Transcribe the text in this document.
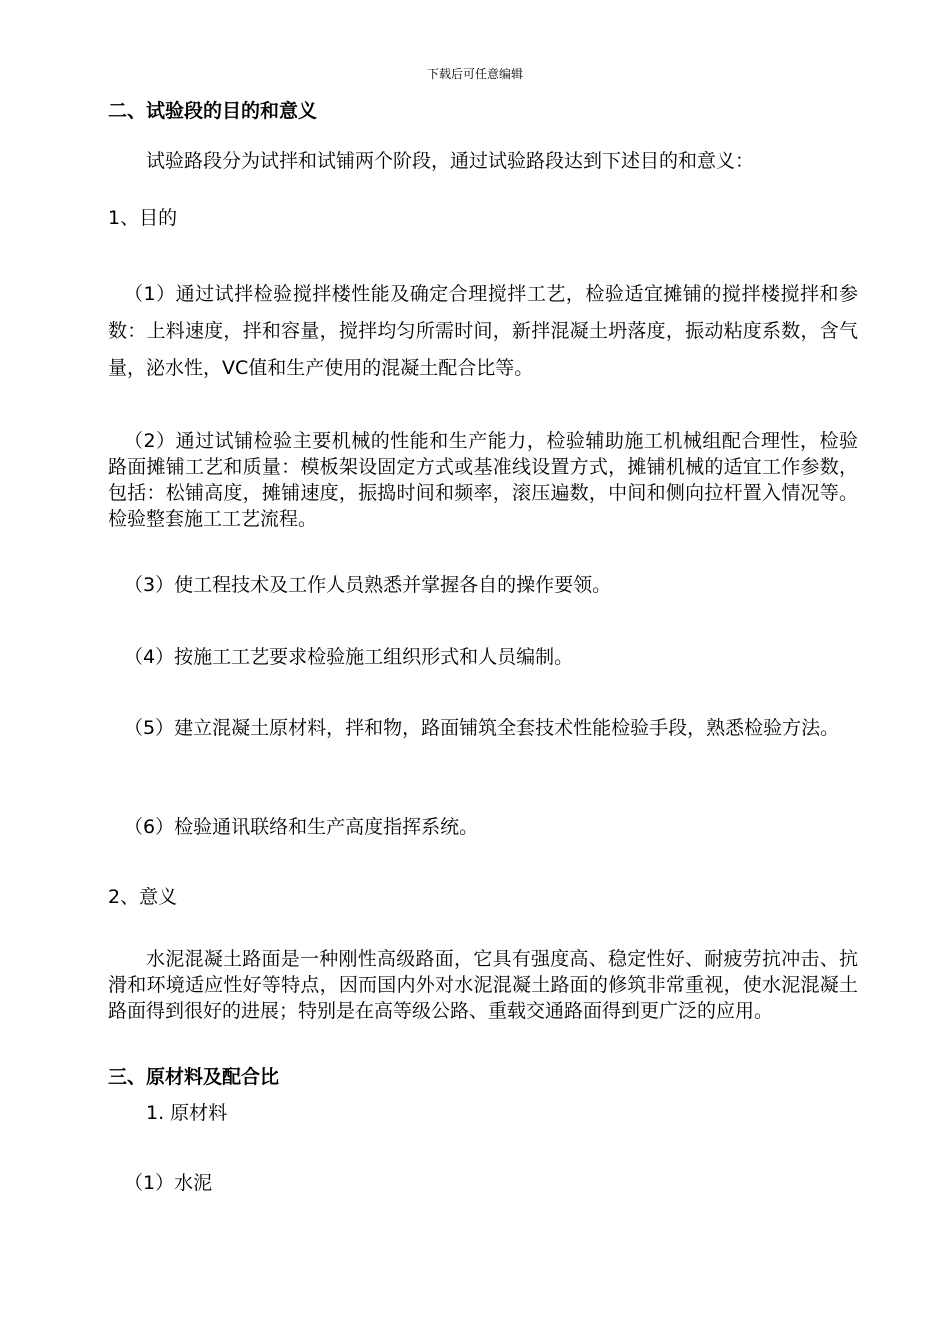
下载后可任意编辑

二、试验段的目的和意义

试验路段分为试拌和试铺两个阶段，通过试验路段达到下述目的和意义：

1、目的

（1）通过试拌检验搅拌楼性能及确定合理搅拌工艺，检验适宜摊铺的搅拌楼搅拌和参数：上料速度，拌和容量，搅拌均匀所需时间，新拌混凝土坍落度，振动粘度系数，含气量，泌水性，VC值和生产使用的混凝土配合比等。

（2）通过试铺检验主要机械的性能和生产能力，检验辅助施工机械组配合理性，检验路面摊铺工艺和质量：模板架设固定方式或基准线设置方式，摊铺机械的适宜工作参数，包括：松铺高度，摊铺速度，振捣时间和频率，滚压遍数，中间和侧向拉杆置入情况等。检验整套施工工艺流程。

（3）使工程技术及工作人员熟悉并掌握各自的操作要领。

（4）按施工工艺要求检验施工组织形式和人员编制。

（5）建立混凝土原材料，拌和物，路面铺筑全套技术性能检验手段，熟悉检验方法。

（6）检验通讯联络和生产高度指挥系统。

2、意义

水泥混凝土路面是一种刚性高级路面，它具有强度高、稳定性好、耐疲劳抗冲击、抗滑和环境适应性好等特点，因而国内外对水泥混凝土路面的修筑非常重视，使水泥混凝土路面得到很好的进展；特别是在高等级公路、重载交通路面得到更广泛的应用。

三、原材料及配合比

1. 原材料

（1）水泥
